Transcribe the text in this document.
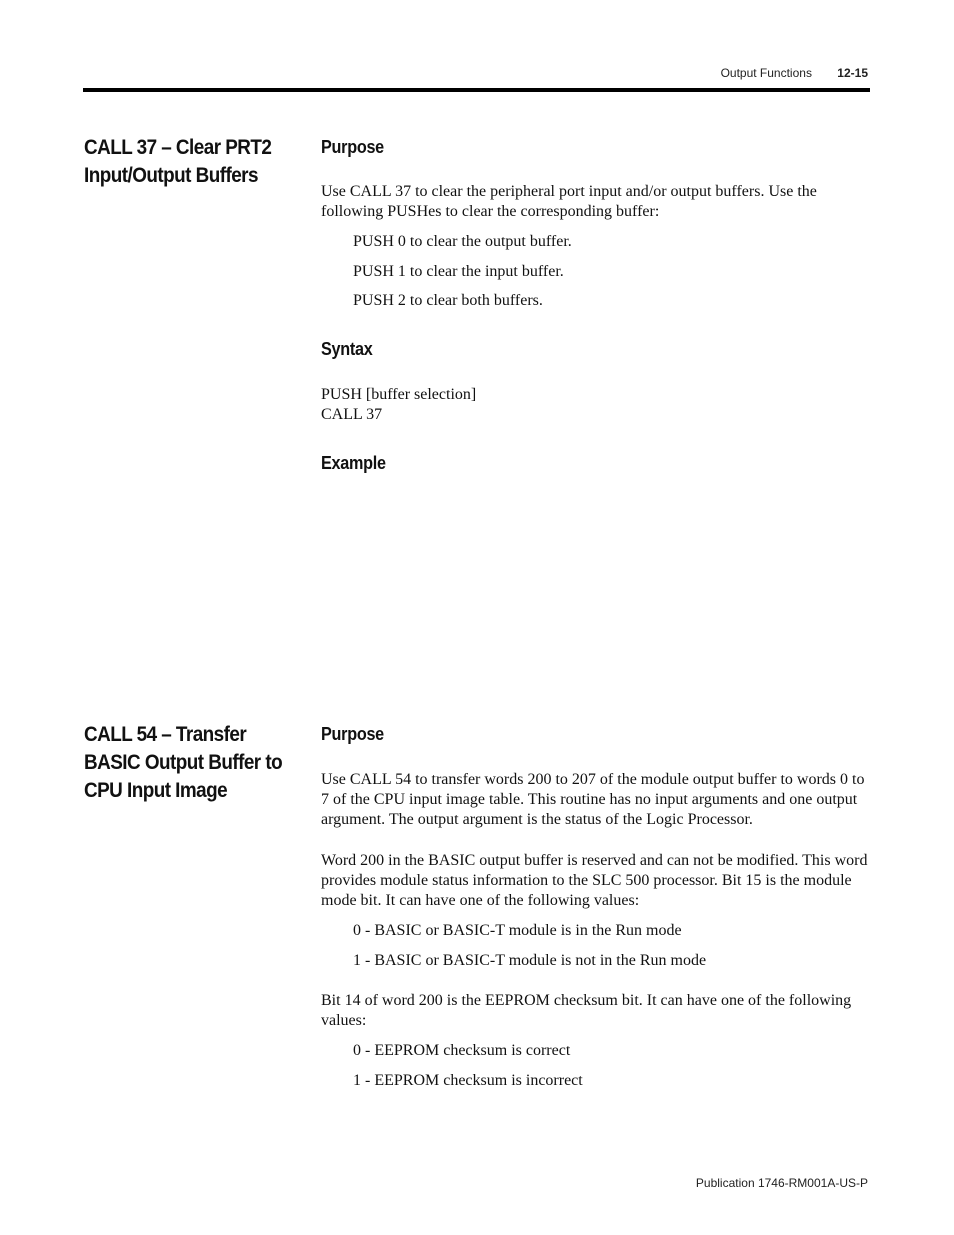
Output Functions 12-15
CALL 37 – Clear PRT2
Input/Output Buffers
Purpose
Use CALL 37 to clear the peripheral port input and/or output buffers. Use the following PUSHes to clear the corresponding buffer:
PUSH 0 to clear the output buffer.
PUSH 1 to clear the input buffer.
PUSH 2 to clear both buffers.
Syntax
PUSH [buffer selection]
CALL 37
Example
CALL 54 – Transfer
BASIC Output Buffer to
CPU Input Image
Purpose
Use CALL 54 to transfer words 200 to 207 of the module output buffer to words 0 to 7 of the CPU input image table. This routine has no input arguments and one output argument. The output argument is the status of the Logic Processor.
Word 200 in the BASIC output buffer is reserved and can not be modified. This word provides module status information to the SLC 500 processor. Bit 15 is the module mode bit. It can have one of the following values:
0 - BASIC or BASIC-T module is in the Run mode
1 - BASIC or BASIC-T module is not in the Run mode
Bit 14 of word 200 is the EEPROM checksum bit. It can have one of the following values:
0 - EEPROM checksum is correct
1 - EEPROM checksum is incorrect
Publication 1746-RM001A-US-P
